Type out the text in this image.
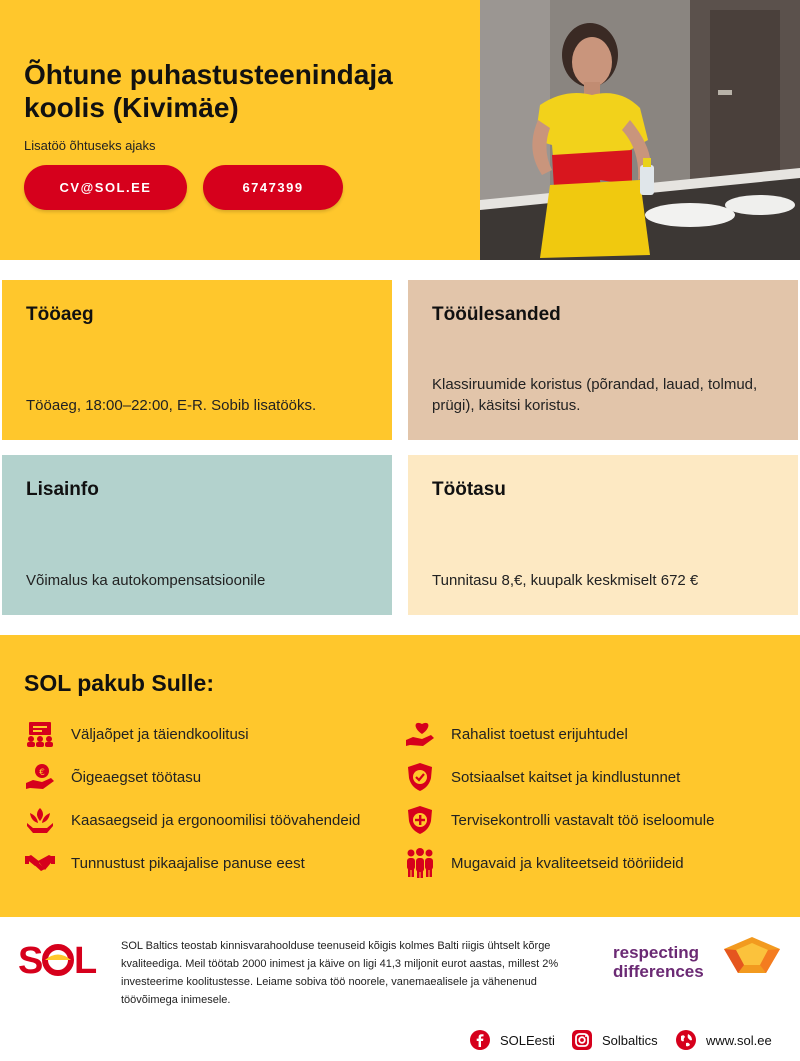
Õhtune puhastusteenindaja
koolis (Kivimäe)

Lisatöö õhtuseks ajaks

CV@SOL.EE	6747399
Tööaeg

Tööaeg, 18:00–22:00, E-R. Sobib lisatööks.

Tööülesanded

Klassiruumide koristus (põrandad, lauad, tolmud, prügi), käsitsi koristus.

Lisainfo

Võimalus ka autokompensatsioonile

Töötasu

Tunnitasu 8,€, kuupalk keskmiselt 672 €

SOL pakub Sulle:
Väljaõpet ja täiendkoolitusi
€ Õigeaegset töötasu
Kaasaegseid ja ergonoomilisi töövahendeid
Tunnustust pikaajalise panuse eest
Rahalist toetust erijuhtudel
Sotsiaalset kaitset ja kindlustunnet
Tervisekontrolli vastavalt töö iseloomule
Mugavaid ja kvaliteetseid tööriideid
S L SOL Baltics teostab kinnisvarahoolduse teenuseid kõigis kolmes Balti riigis ühtselt kõrge kvaliteediga. Meil töötab 2000 inimest ja käive on ligi 41,3 miljonit eurot aastas, millest 2% investeerime koolitustesse. Leiame sobiva töö noorele, vanemaealisele ja vähenenud töövõimega inimesele.

respecting
differences
SOLEesti	Solbaltics	www.sol.ee
